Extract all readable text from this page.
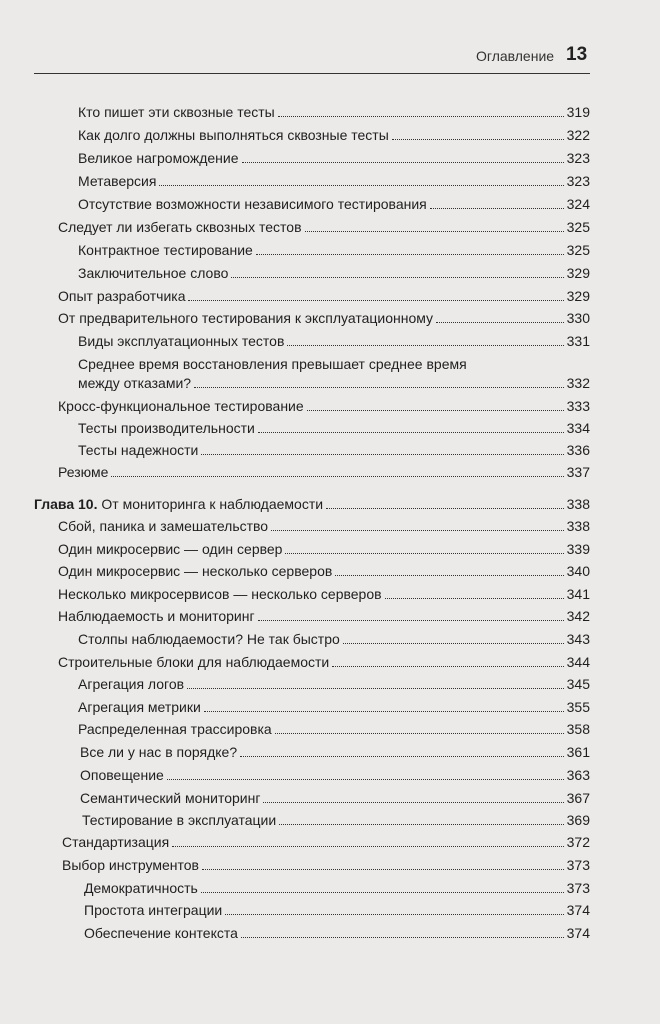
Оглавление 13
Кто пишет эти сквозные тесты	319
Как долго должны выполняться сквозные тесты	322
Великое нагромождение	323
Метаверсия	323
Отсутствие возможности независимого тестирования	324
Следует ли избегать сквозных тестов	325
Контрактное тестирование	325
Заключительное слово	329
Опыт разработчика	329
От предварительного тестирования к эксплуатационному	330
Виды эксплуатационных тестов	331
Среднее время восстановления превышает среднее время
между отказами?	332
Кросс-функциональное тестирование	333
Тесты производительности	334
Тесты надежности	336
Резюме	337
Глава 10. От мониторинга к наблюдаемости	338
Сбой, паника и замешательство	338
Один микросервис — один сервер	339
Один микросервис — несколько серверов	340
Несколько микросервисов — несколько серверов	341
Наблюдаемость и мониторинг	342
Столпы наблюдаемости? Не так быстро	343
Строительные блоки для наблюдаемости	344
Агрегация логов	345
Агрегация метрики	355
Распределенная трассировка	358
Все ли у нас в порядке?	361
Оповещение	363
Семантический мониторинг	367
Тестирование в эксплуатации	369
Стандартизация	372
Выбор инструментов	373
Демократичность	373
Простота интеграции	374
Обеспечение контекста	374
